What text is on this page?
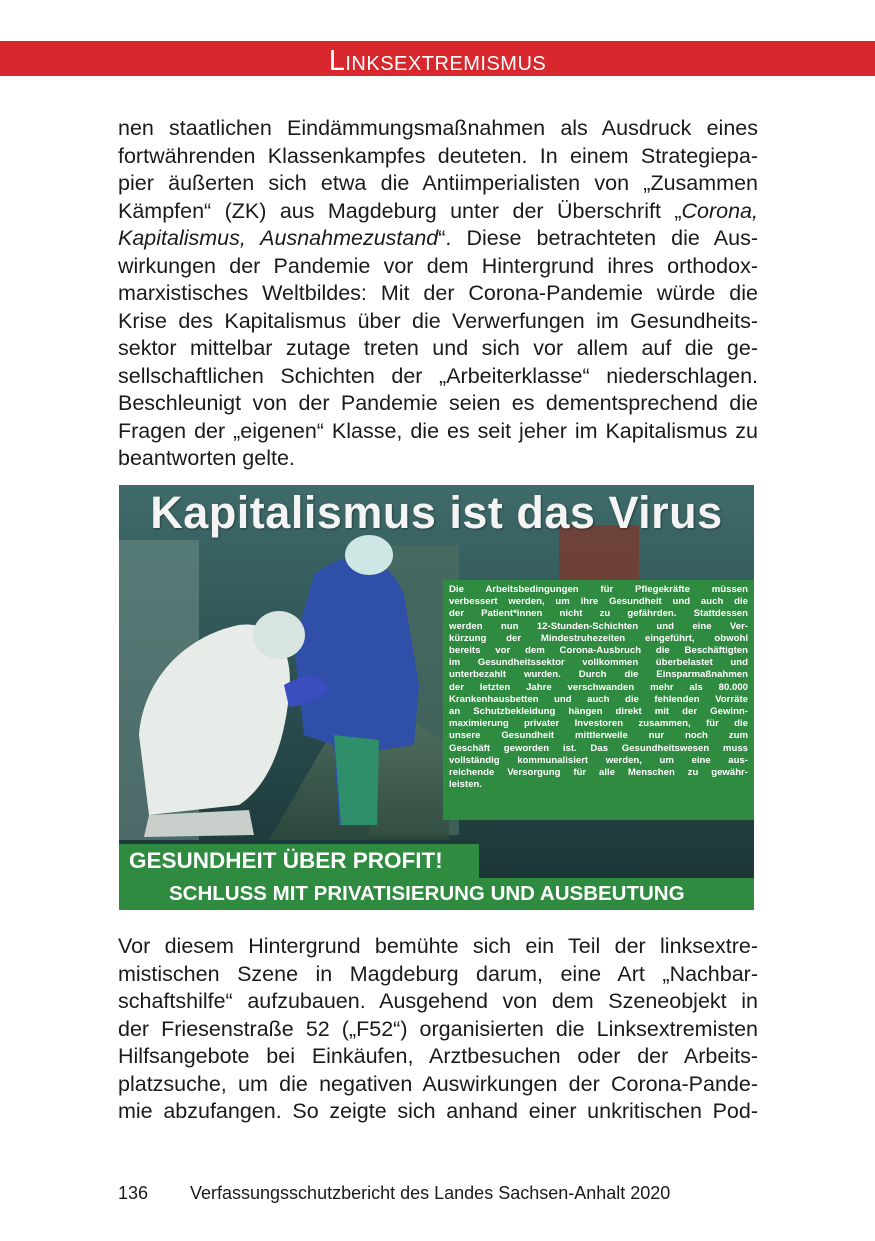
Linksextremismus
nen staatlichen Eindämmungsmaßnahmen als Ausdruck eines
fortwährenden Klassenkampfes deuteten. In einem Strategiepa-
pier äußerten sich etwa die Antiimperialisten von „Zusammen
Kämpfen“ (ZK) aus Magdeburg unter der Überschrift „Corona,
Kapitalismus, Ausnahmezustand“. Diese betrachteten die Aus-
wirkungen der Pandemie vor dem Hintergrund ihres orthodox-
marxistisches Weltbildes: Mit der Corona-Pandemie würde die
Krise des Kapitalismus über die Verwerfungen im Gesundheits-
sektor mittelbar zutage treten und sich vor allem auf die ge-
sellschaftlichen Schichten der „Arbeiterklasse“ niederschlagen.
Beschleunigt von der Pandemie seien es dementsprechend die
Fragen der „eigenen“ Klasse, die es seit jeher im Kapitalismus zu
beantworten gelte.
Kapitalismus ist das Virus
Die Arbeitsbedingungen für Pflegekräfte müssen
verbessert werden, um ihre Gesundheit und auch die
der Patient*innen nicht zu gefährden. Stattdessen
werden nun 12-Stunden-Schichten und eine Ver-
kürzung der Mindestruhezeiten eingeführt, obwohl
bereits vor dem Corona-Ausbruch die Beschäftigten
im Gesundheitssektor vollkommen überbelastet und
unterbezahlt wurden. Durch die Einsparmaßnahmen
der letzten Jahre verschwanden mehr als 80.000
Krankenhausbetten und auch die fehlenden Vorräte
an Schutzbekleidung hängen direkt mit der Gewinn-
maximierung privater Investoren zusammen, für die
unsere Gesundheit mittlerweile nur noch zum
Geschäft geworden ist. Das Gesundheitswesen muss
vollständig kommunalisiert werden, um eine aus-
reichende Versorgung für alle Menschen zu gewähr-
leisten.
GESUNDHEIT ÜBER PROFIT!
SCHLUSS MIT PRIVATISIERUNG UND AUSBEUTUNG
Vor diesem Hintergrund bemühte sich ein Teil der linksextre-
mistischen Szene in Magdeburg darum, eine Art „Nachbar-
schaftshilfe“ aufzubauen. Ausgehend von dem Szeneobjekt in
der Friesenstraße 52 („F52“) organisierten die Linksextremisten
Hilfsangebote bei Einkäufen, Arztbesuchen oder der Arbeits-
platzsuche, um die negativen Auswirkungen der Corona-Pande-
mie abzufangen. So zeigte sich anhand einer unkritischen Pod-
136 Verfassungsschutzbericht des Landes Sachsen-Anhalt 2020
